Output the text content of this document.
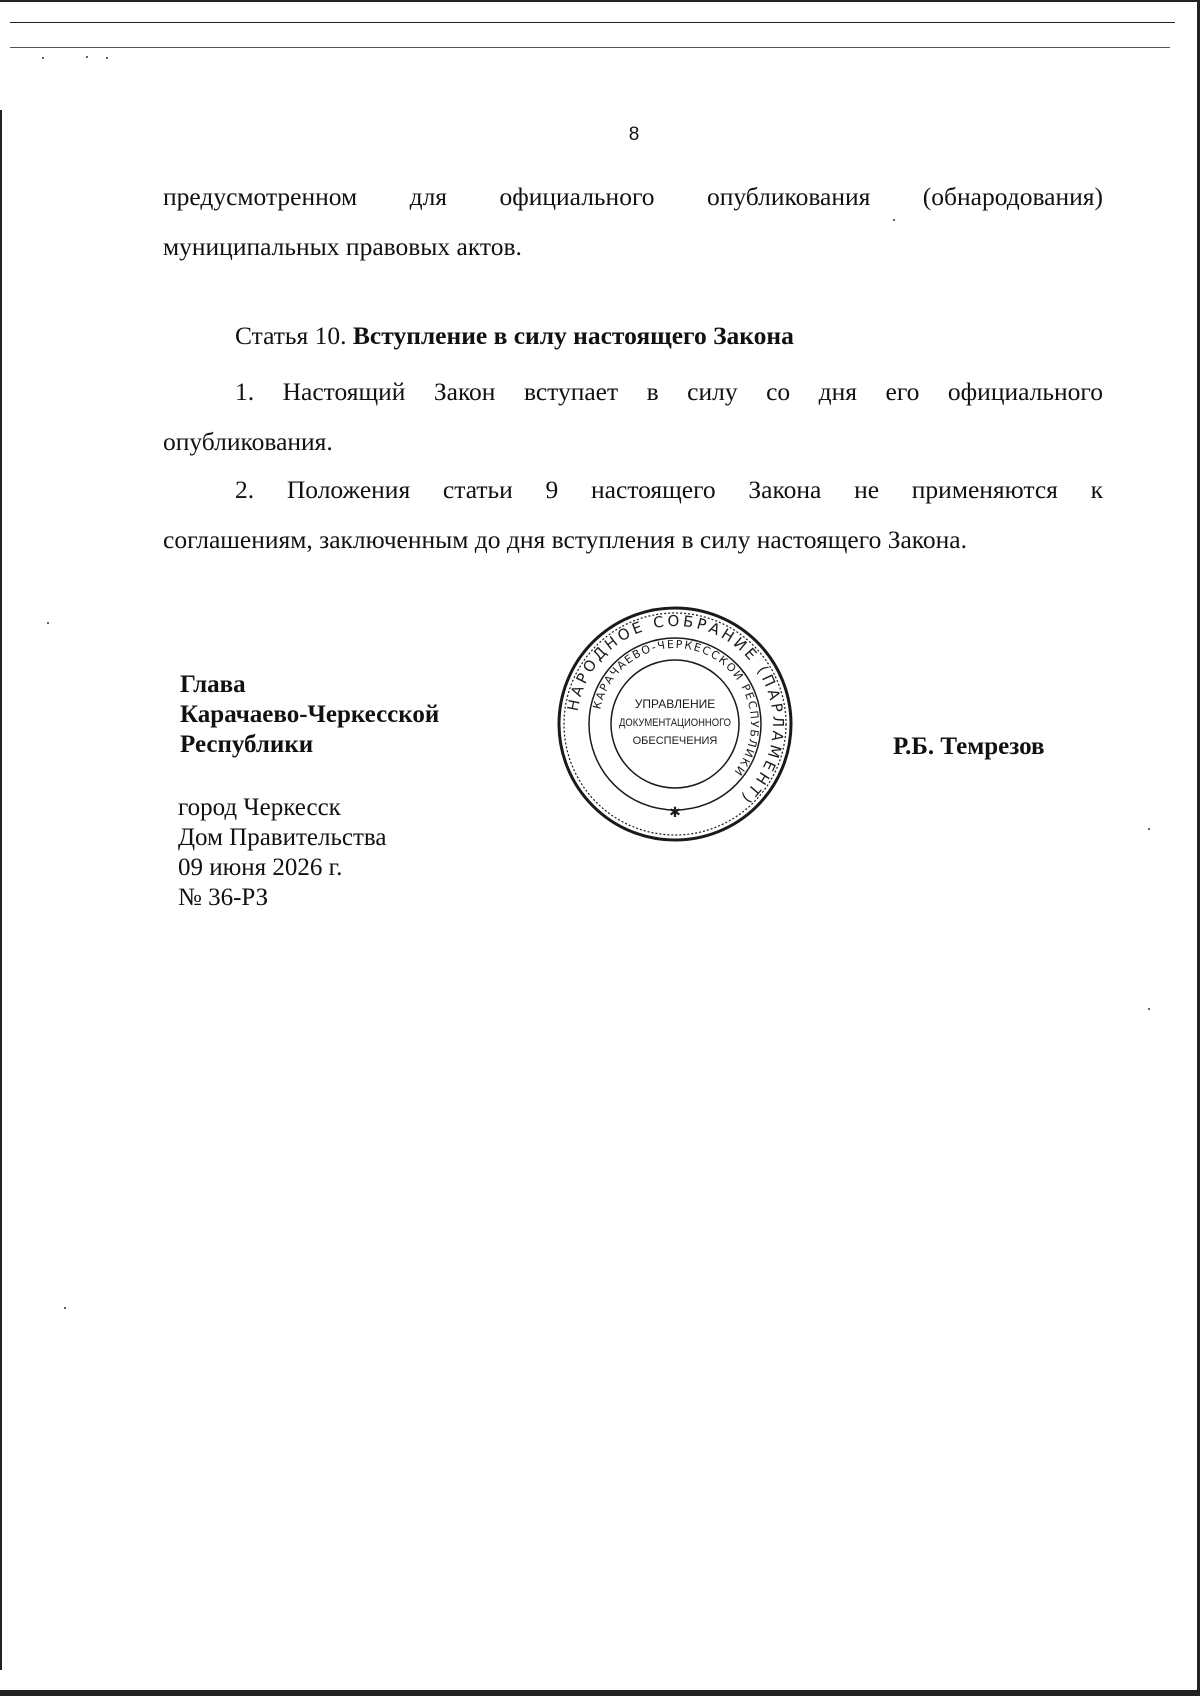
8
предусмотренном для официального опубликования (обнародования)
муниципальных правовых актов.
Статья 10. Вступление в силу настоящего Закона
1. Настоящий Закон вступает в силу со дня его официального
опубликования.
2. Положения статьи 9 настоящего Закона не применяются к
соглашениям, заключенным до дня вступления в силу настоящего Закона.
Глава
Карачаево-Черкесской
Республики	Р.Б. Темрезов
НАРОДНОЕ СОБРАНИЕ (ПАРЛАМЕНТ)
КАРАЧАЕВО-ЧЕРКЕССКОЙ РЕСПУБЛИКИ
УПРАВЛЕНИЕ
ДОКУМЕНТАЦИОННОГО
ОБЕСПЕЧЕНИЯ
✱
город Черкесск
Дом Правительства
09 июня 2026 г.
№ 36-РЗ
